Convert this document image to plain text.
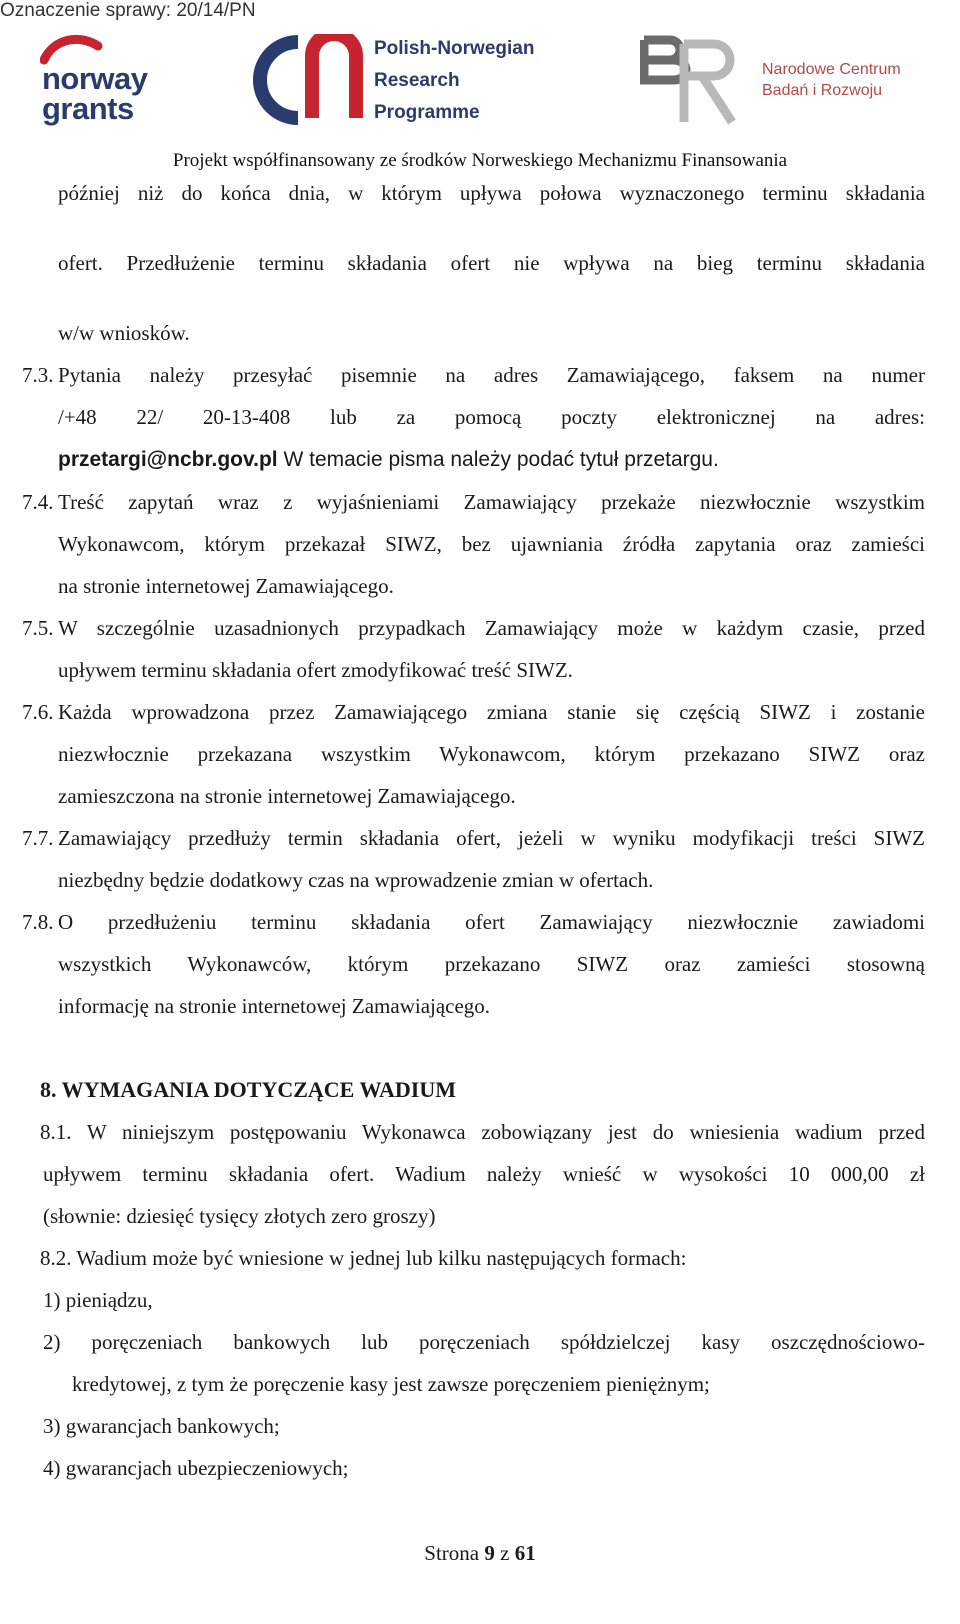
Oznaczenie sprawy: 20/14/PN
norway
grants
Polish-Norwegian
Research
Programme
Narodowe Centrum
Badań i Rozwoju
Projekt współfinansowany ze środków Norweskiego Mechanizmu Finansowania

później niż do końca dnia, w którym upływa połowa wyznaczonego terminu składania

ofert. Przedłużenie terminu składania ofert nie wpływa na bieg terminu składania

w/w wniosków.

7.3. Pytania należy przesyłać pisemnie na adres Zamawiającego, faksem na numer
/+48 22/ 20-13-408 lub za pomocą poczty elektronicznej na adres:
przetargi@ncbr.gov.pl W temacie pisma należy podać tytuł przetargu.
7.4. Treść zapytań wraz z wyjaśnieniami Zamawiający przekaże niezwłocznie wszystkim
Wykonawcom, którym przekazał SIWZ, bez ujawniania źródła zapytania oraz zamieści
na stronie internetowej Zamawiającego.
7.5. W szczególnie uzasadnionych przypadkach Zamawiający może w każdym czasie, przed
upływem terminu składania ofert zmodyfikować treść SIWZ.
7.6. Każda wprowadzona przez Zamawiającego zmiana stanie się częścią SIWZ i zostanie
niezwłocznie przekazana wszystkim Wykonawcom, którym przekazano SIWZ oraz
zamieszczona na stronie internetowej Zamawiającego.
7.7. Zamawiający przedłuży termin składania ofert, jeżeli w wyniku modyfikacji treści SIWZ
niezbędny będzie dodatkowy czas na wprowadzenie zmian w ofertach.
7.8. O przedłużeniu terminu składania ofert Zamawiający niezwłocznie zawiadomi
wszystkich Wykonawców, którym przekazano SIWZ oraz zamieści stosowną
informację na stronie internetowej Zamawiającego.
8. WYMAGANIA DOTYCZĄCE WADIUM
8.1. W niniejszym postępowaniu Wykonawca zobowiązany jest do wniesienia wadium przed
upływem terminu składania ofert. Wadium należy wnieść w wysokości 10 000,00 zł
(słownie: dziesięć tysięcy złotych zero groszy)
8.2. Wadium może być wniesione w jednej lub kilku następujących formach:
1) pieniądzu,
2) poręczeniach bankowych lub poręczeniach spółdzielczej kasy oszczędnościowo-
kredytowej, z tym że poręczenie kasy jest zawsze poręczeniem pieniężnym;
3) gwarancjach bankowych;
4) gwarancjach ubezpieczeniowych;
Strona 9 z 61
